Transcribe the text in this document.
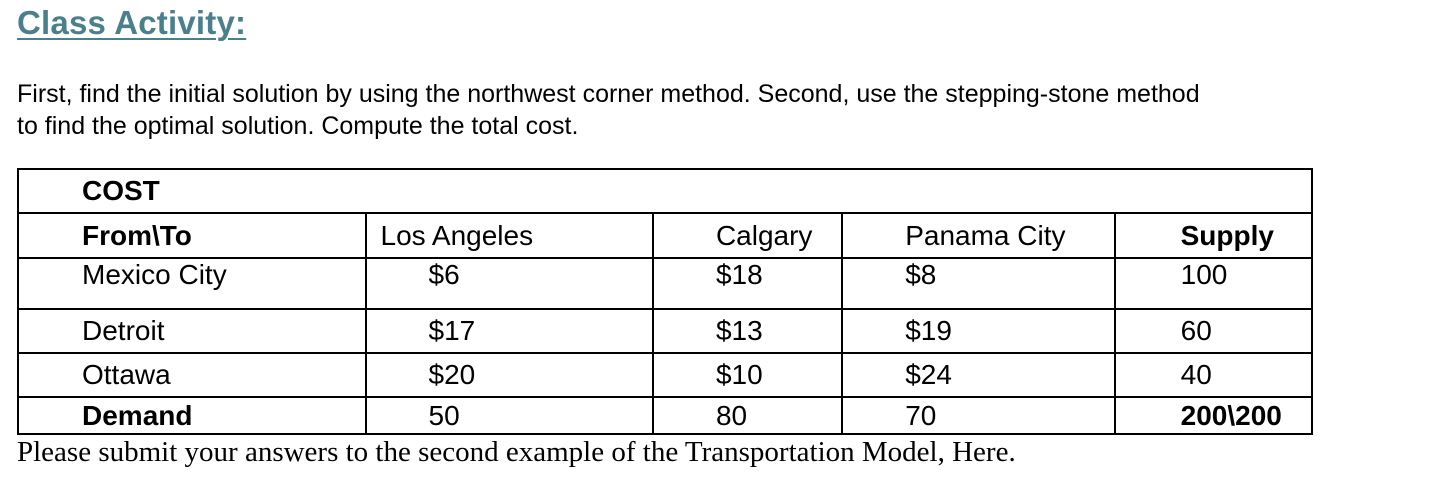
Class Activity:
First, find the initial solution by using the northwest corner method. Second, use the stepping-stone method
to find the optimal solution. Compute the total cost.
COST				
From\To	Los Angeles	Calgary	Panama City	Supply
Mexico City	$6	$18	$8	100
Detroit	$17	$13	$19	60
Ottawa	$20	$10	$24	40
Demand	50	80	70	200\200
Please submit your answers to the second example of the Transportation Model, Here.
